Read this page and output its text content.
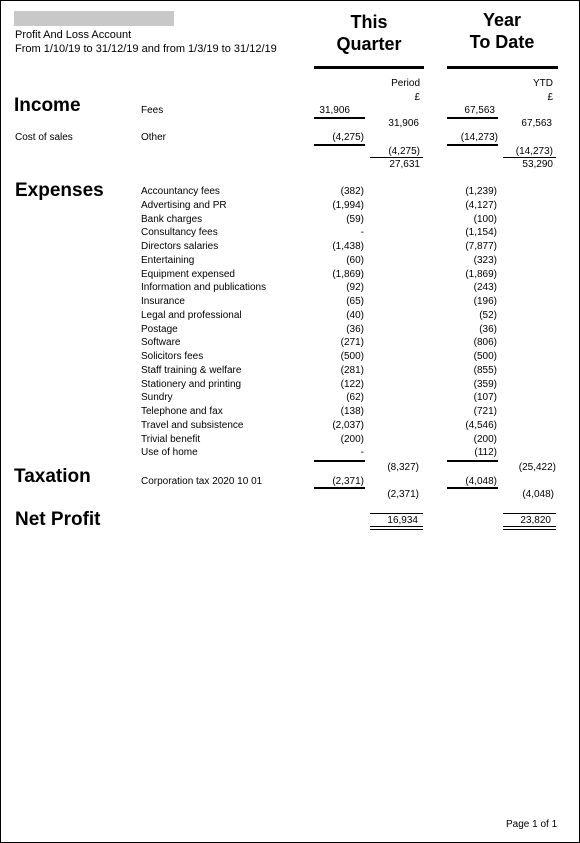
Profit And Loss Account
From 1/10/19 to 31/12/19 and from 1/3/19 to 31/12/19
This
Quarter
Year
To Date
Period
£
YTD
£
Income	Fees	31,906	67,563
31,906	67,563
Cost of sales	Other	(4,275)	(14,273)
(4,275)	(14,273)
27,631	53,290
Expenses	Accountancy fees	(382)	(1,239)
Advertising and PR	(1,994)	(4,127)
Bank charges	(59)	(100)
Consultancy fees	-	(1,154)
Directors salaries	(1,438)	(7,877)
Entertaining	(60)	(323)
Equipment expensed	(1,869)	(1,869)
Information and publications	(92)	(243)
Insurance	(65)	(196)
Legal and professional	(40)	(52)
Postage	(36)	(36)
Software	(271)	(806)
Solicitors fees	(500)	(500)
Staff training & welfare	(281)	(855)
Stationery and printing	(122)	(359)
Sundry	(62)	(107)
Telephone and fax	(138)	(721)
Travel and subsistence	(2,037)	(4,546)
Trivial benefit	(200)	(200)
Use of home	-	(112)
(8,327)	(25,422)
Taxation	Corporation tax 2020 10 01	(2,371)	(4,048)
(2,371)	(4,048)
Net Profit	16,934	23,820
Page 1 of 1
